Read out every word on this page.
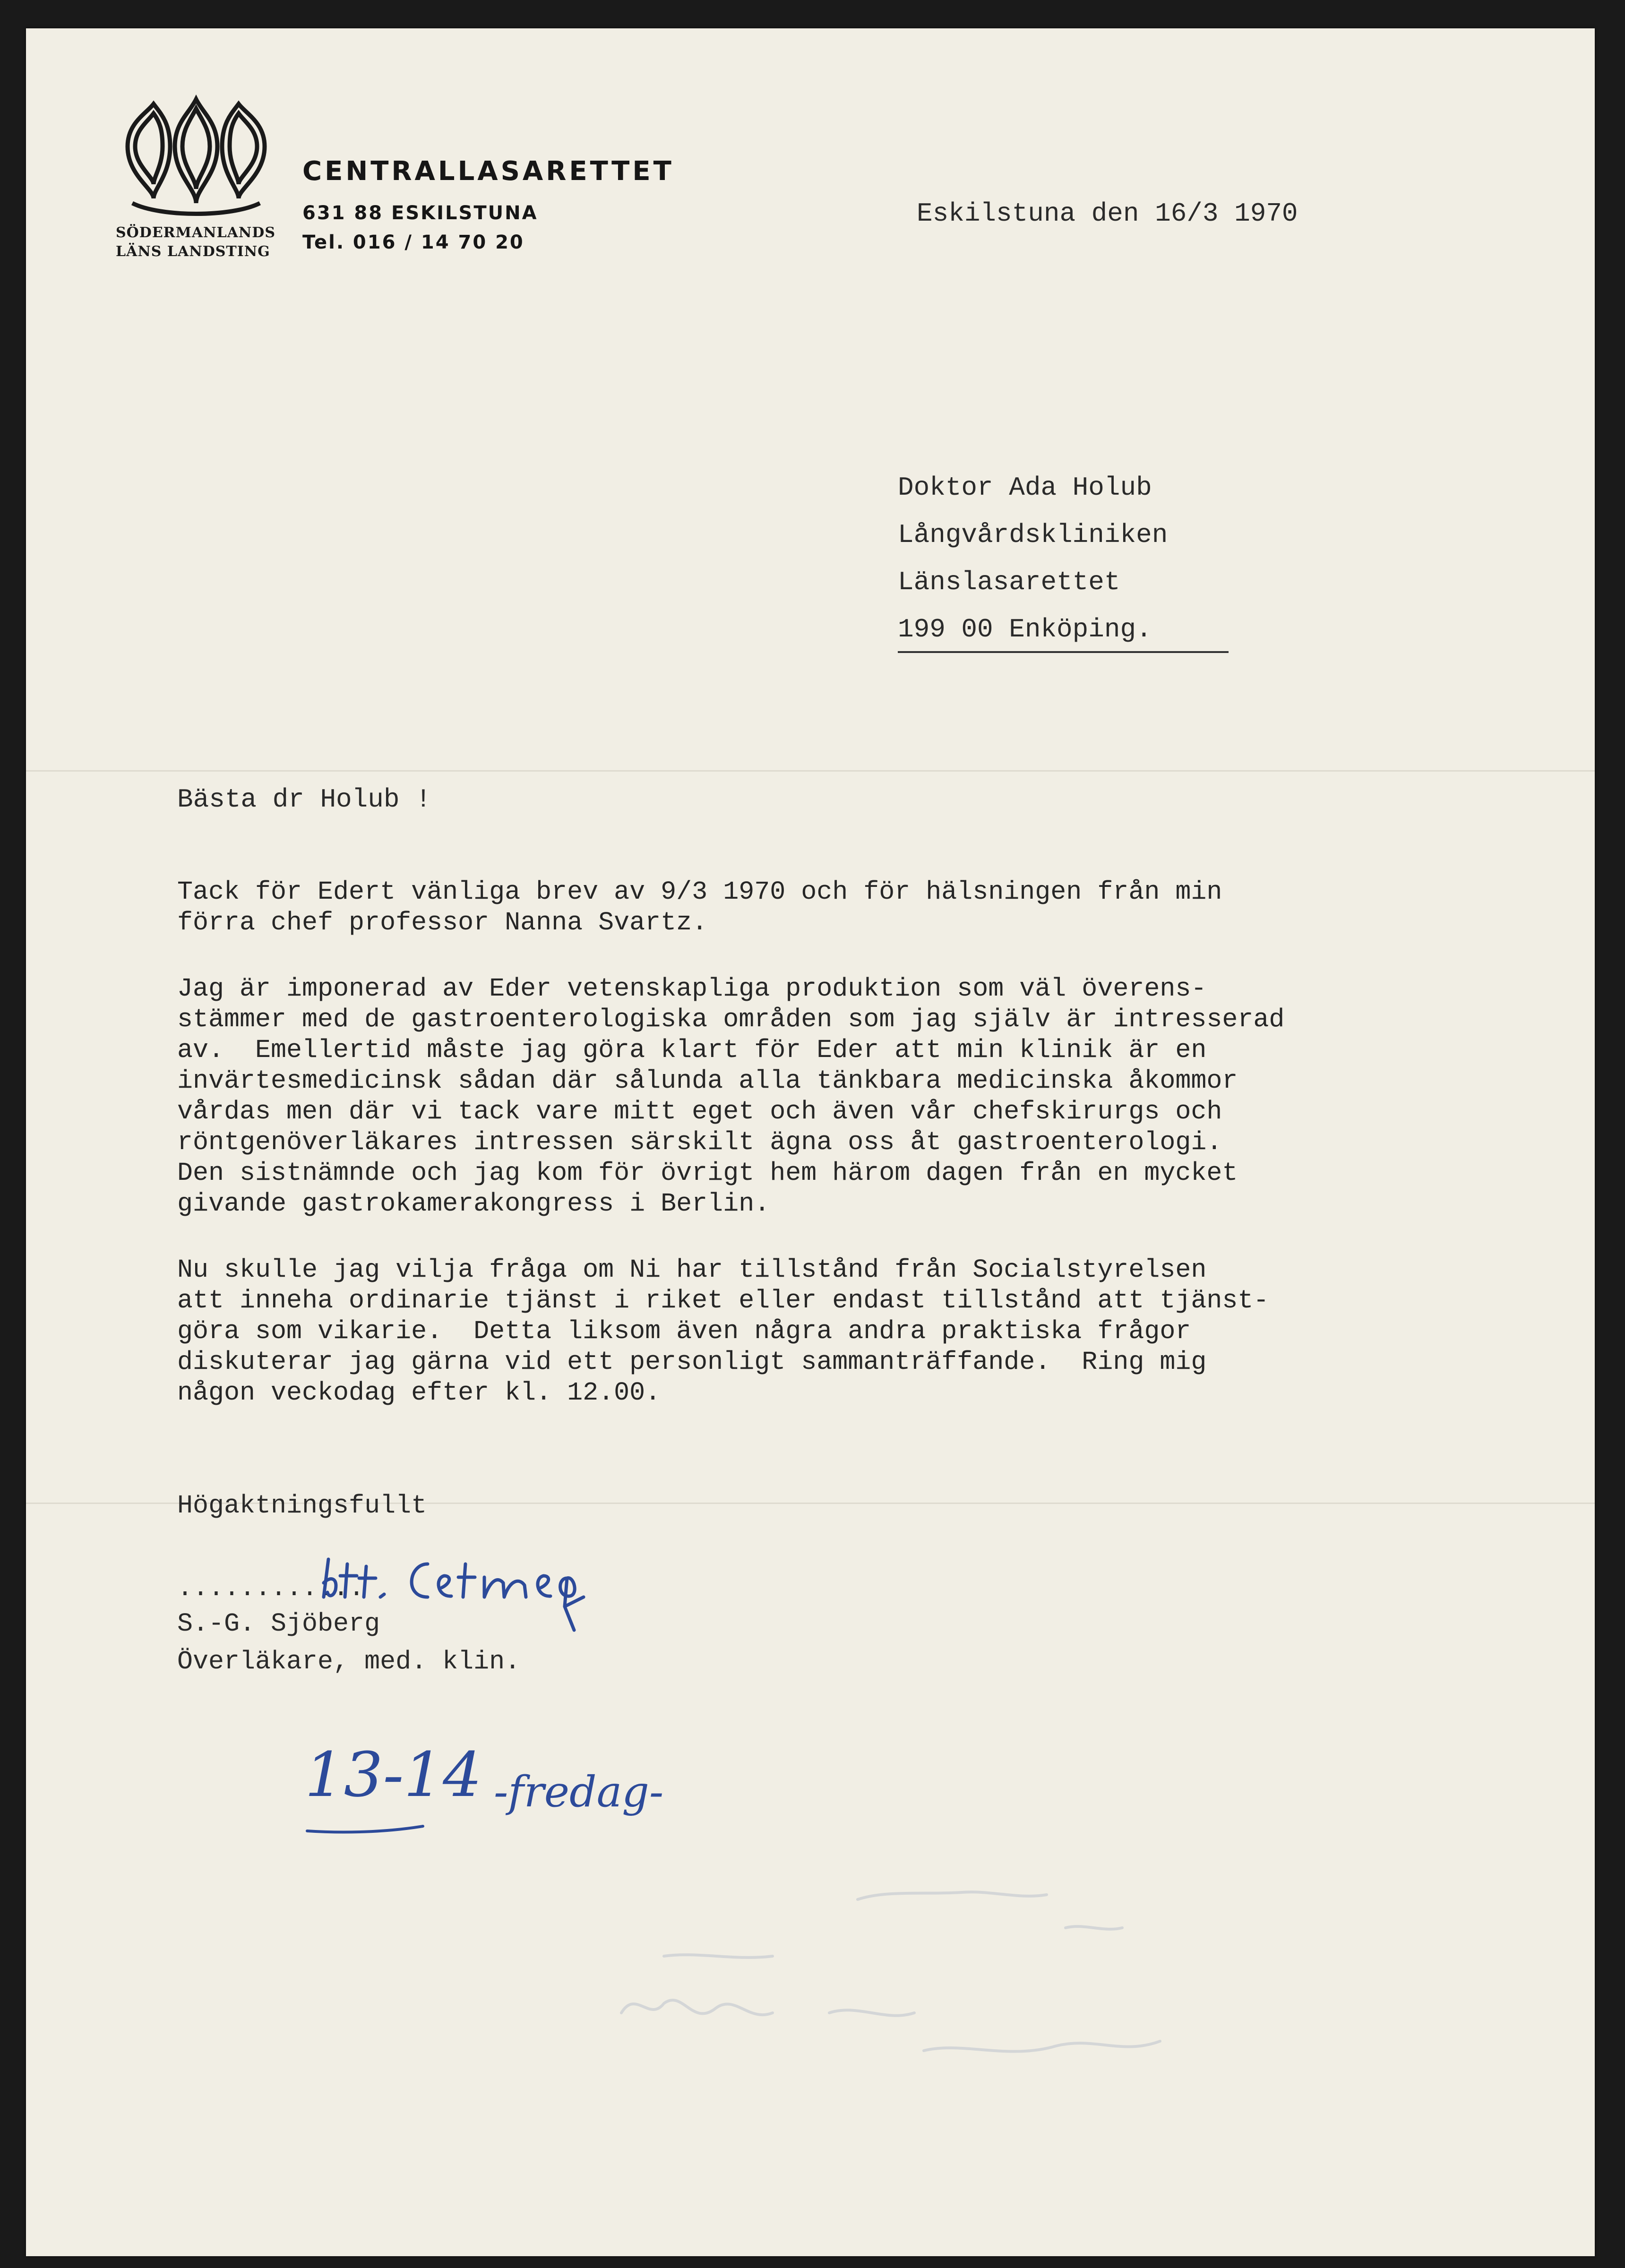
SÖDERMANLANDS
LÄNS LANDSTING
CENTRALLASARETTET
631 88 ESKILSTUNA
Tel. 016 / 14 70 20
Eskilstuna den 16/3 1970
Doktor Ada Holub
Långvårdskliniken
Länslasarettet
199 00 Enköping.
Bästa dr Holub !
Tack för Edert vänliga brev av 9/3 1970 och för hälsningen från min
förra chef professor Nanna Svartz.
Jag är imponerad av Eder vetenskapliga produktion som väl överens-
stämmer med de gastroenterologiska områden som jag själv är intresserad
av.  Emellertid måste jag göra klart för Eder att min klinik är en
invärtesmedicinsk sådan där sålunda alla tänkbara medicinska åkommor
vårdas men där vi tack vare mitt eget och även vår chefskirurgs och
röntgenöverläkares intressen särskilt ägna oss åt gastroenterologi.
Den sistnämnde och jag kom för övrigt hem härom dagen från en mycket
givande gastrokamerakongress i Berlin.
Nu skulle jag vilja fråga om Ni har tillstånd från Socialstyrelsen
att inneha ordinarie tjänst i riket eller endast tillstånd att tjänst-
göra som vikarie.  Detta liksom även några andra praktiska frågor
diskuterar jag gärna vid ett personligt sammanträffande.  Ring mig
någon veckodag efter kl. 12.00.
Högaktningsfullt
............
S.-G. Sjöberg
Överläkare, med. klin.
13-14 -fredag-
